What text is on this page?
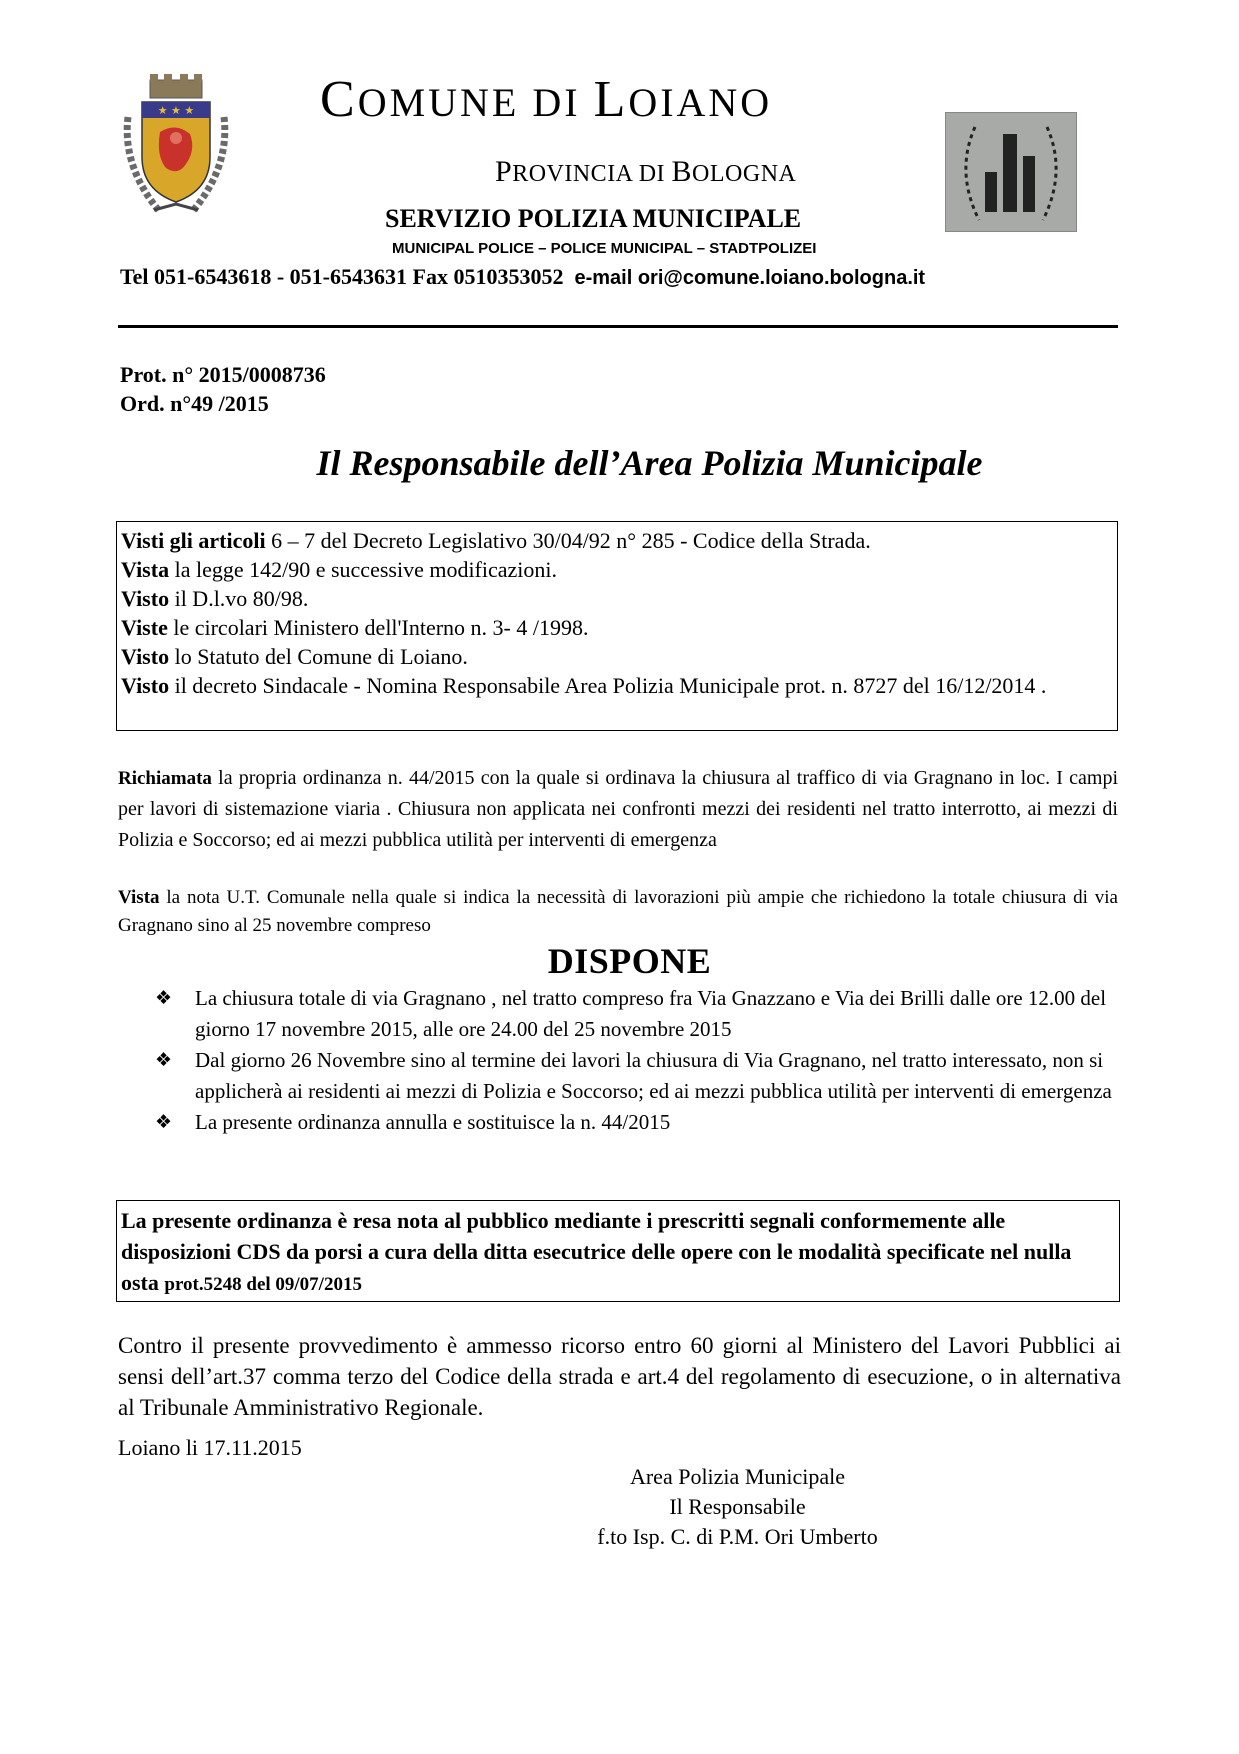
★ ★ ★ COMUNE DI LOIANO
PROVINCIA DI BOLOGNA
SERVIZIO POLIZIA MUNICIPALE
MUNICIPAL POLICE – POLICE MUNICIPAL – STADTPOLIZEI
Tel 051-6543618 - 051-6543631 Fax 0510353052 e-mail ori@comune.loiano.bologna.it
Prot. n° 2015/0008736
Ord. n°49 /2015
Il Responsabile dell’Area Polizia Municipale
Visti gli articoli 6 – 7 del Decreto Legislativo 30/04/92 n° 285 - Codice della Strada.
Vista la legge 142/90 e successive modificazioni.
Visto il D.l.vo 80/98.
Viste le circolari Ministero dell'Interno n. 3- 4 /1998.
Visto lo Statuto del Comune di Loiano.
Visto il decreto Sindacale - Nomina Responsabile Area Polizia Municipale prot. n. 8727 del 16/12/2014 .
Richiamata la propria ordinanza n. 44/2015 con la quale si ordinava la chiusura al traffico di via Gragnano in loc. I campi per lavori di sistemazione viaria . Chiusura non applicata nei confronti mezzi dei residenti nel tratto interrotto, ai mezzi di Polizia e Soccorso; ed ai mezzi pubblica utilità per interventi di emergenza
Vista la nota U.T. Comunale nella quale si indica la necessità di lavorazioni più ampie che richiedono la totale chiusura di via Gragnano sino al 25 novembre compreso
DISPONE
❖ La chiusura totale di via Gragnano , nel tratto compreso fra Via Gnazzano e Via dei Brilli dalle ore 12.00 del giorno 17 novembre 2015, alle ore 24.00 del 25 novembre 2015
❖ Dal giorno 26 Novembre sino al termine dei lavori la chiusura di Via Gragnano, nel tratto interessato, non si applicherà ai residenti ai mezzi di Polizia e Soccorso; ed ai mezzi pubblica utilità per interventi di emergenza
❖ La presente ordinanza annulla e sostituisce la n. 44/2015
La presente ordinanza è resa nota al pubblico mediante i prescritti segnali conformemente alle disposizioni CDS da porsi a cura della ditta esecutrice delle opere con le modalità specificate nel nulla osta prot.5248 del 09/07/2015
Contro il presente provvedimento è ammesso ricorso entro 60 giorni al Ministero del Lavori Pubblici ai sensi dell’art.37 comma terzo del Codice della strada e art.4 del regolamento di esecuzione, o in alternativa al Tribunale Amministrativo Regionale.
Loiano li 17.11.2015
Area Polizia Municipale
Il Responsabile
f.to Isp. C. di P.M. Ori Umberto
